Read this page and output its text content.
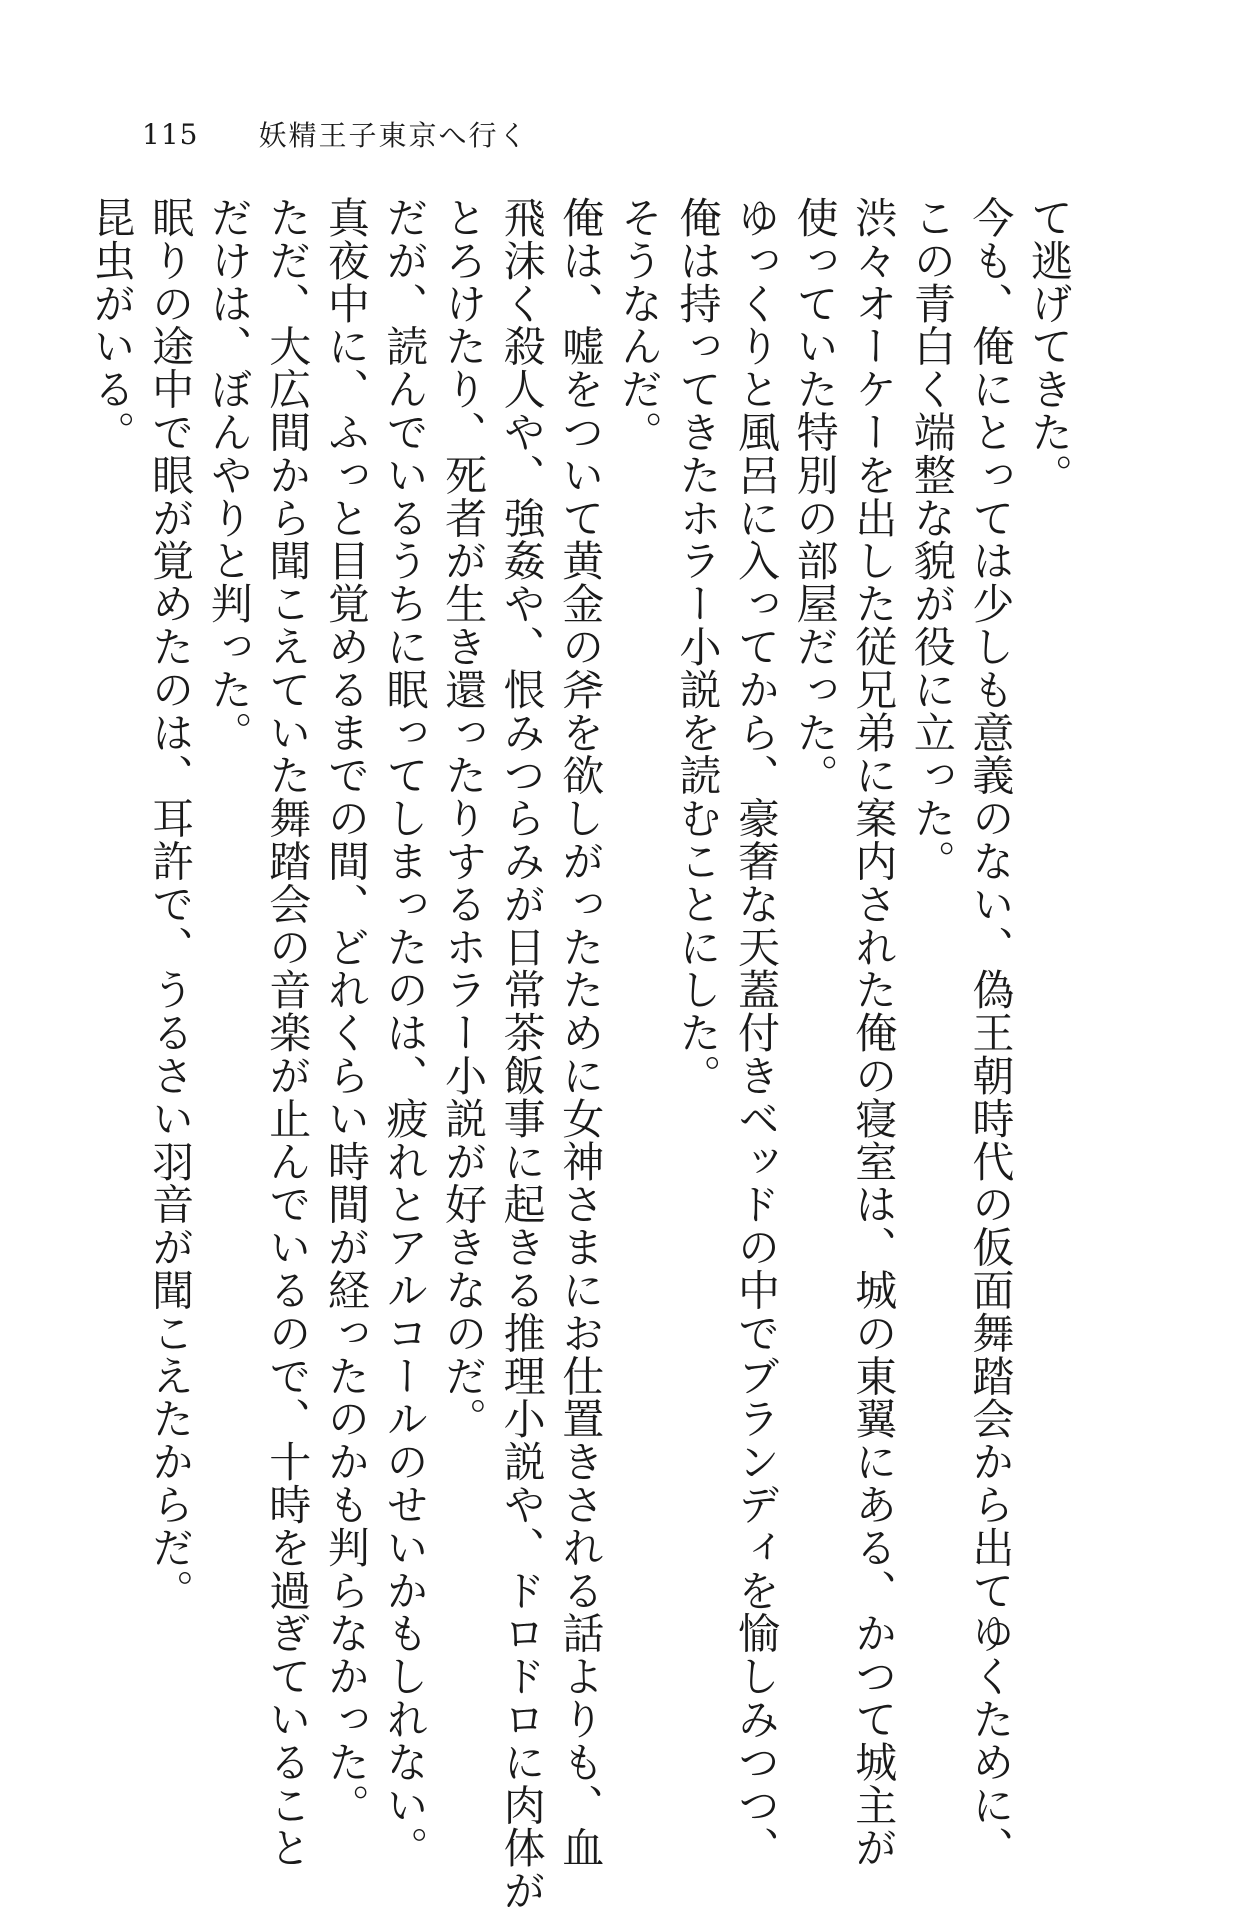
115 妖精王子東京へ行く
て逃げてきた。
今も、俺にとっては少しも意義のない、偽王朝時代の仮面舞踏会から出てゆくために、
この青白く端整な貌が役に立った。
渋々オーケーを出した従兄弟に案内された俺の寝室は、城の東翼にある、かつて城主が
使っていた特別の部屋だった。
ゆっくりと風呂に入ってから、豪奢な天蓋付きベッドの中でブランディを愉しみつつ、
俺は持ってきたホラー小説を読むことにした。
そうなんだ。
俺は、嘘をついて黄金の斧を欲しがったために女神さまにお仕置きされる話よりも、血
飛沫く殺人や、強姦や、恨みつらみが日常茶飯事に起きる推理小説や、ドロドロに肉体が
とろけたり、死者が生き還ったりするホラー小説が好きなのだ。
だが、読んでいるうちに眠ってしまったのは、疲れとアルコールのせいかもしれない。
真夜中に、ふっと目覚めるまでの間、どれくらい時間が経ったのかも判らなかった。
ただ、大広間から聞こえていた舞踏会の音楽が止んでいるので、十時を過ぎていること
だけは、ぼんやりと判った。
眠りの途中で眼が覚めたのは、耳許で、うるさい羽音が聞こえたからだ。
昆虫がいる。
